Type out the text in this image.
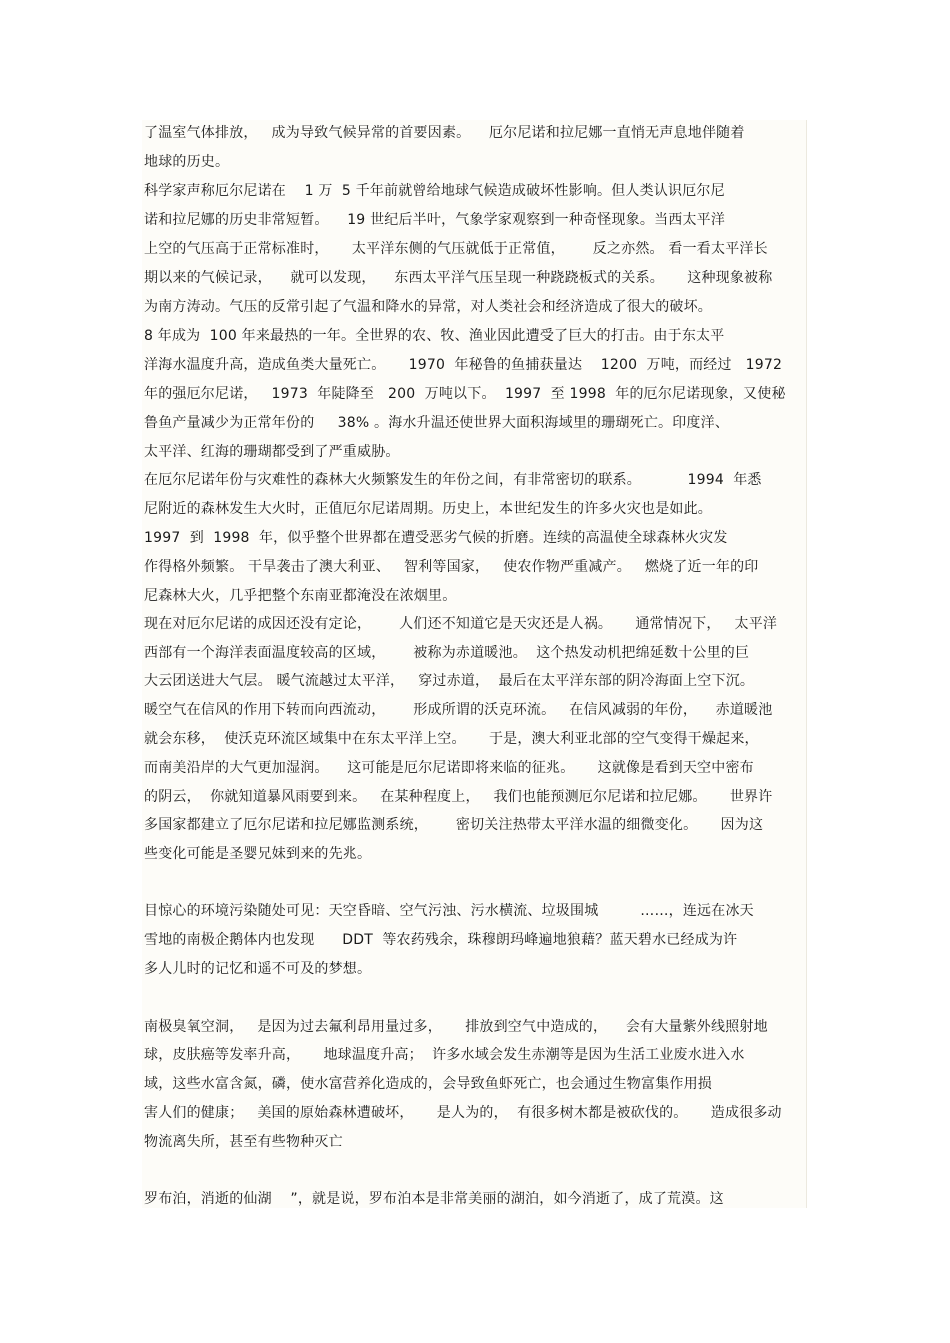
了温室气体排放，   成为导致气候异常的首要因素。    厄尔尼诺和拉尼娜一直悄无声息地伴随着
地球的历史。
科学家声称厄尔尼诺在    1 万  5 千年前就曾给地球气候造成破坏性影响。但人类认识厄尔尼
诺和拉尼娜的历史非常短暂。    19 世纪后半叶，气象学家观察到一种奇怪现象。当西太平洋
上空的气压高于正常标准时，     太平洋东侧的气压就低于正常值，      反之亦然。 看一看太平洋长
期以来的气候记录，    就可以发现，    东西太平洋气压呈现一种跷跷板式的关系。     这种现象被称
为南方涛动。气压的反常引起了气温和降水的异常，对人类社会和经济造成了很大的破坏。
8 年成为  100 年来最热的一年。全世界的农、牧、渔业因此遭受了巨大的打击。由于东太平
洋海水温度升高，造成鱼类大量死亡。     1970  年秘鲁的鱼捕获量达    1200  万吨，而经过   1972
年的强厄尔尼诺，   1973  年陡降至   200  万吨以下。  1997  至 1998  年的厄尔尼诺现象，又使秘
鲁鱼产量减少为正常年份的     38% 。海水升温还使世界大面积海域里的珊瑚死亡。印度洋、
太平洋、红海的珊瑚都受到了严重威胁。
在厄尔尼诺年份与灾难性的森林大火频繁发生的年份之间，有非常密切的联系。          1994  年悉
尼附近的森林发生大火时，正值厄尔尼诺周期。历史上，本世纪发生的许多火灾也是如此。
1997  到  1998  年，似乎整个世界都在遭受恶劣气候的折磨。连续的高温使全球森林火灾发
作得格外频繁。 干旱袭击了澳大利亚、   智利等国家，   使农作物严重减产。   燃烧了近一年的印
尼森林大火，几乎把整个东南亚都淹没在浓烟里。
现在对厄尔尼诺的成因还没有定论，      人们还不知道它是天灾还是人祸。     通常情况下，   太平洋
西部有一个海洋表面温度较高的区域，      被称为赤道暖池。  这个热发动机把绵延数十公里的巨
大云团送进大气层。 暖气流越过太平洋，   穿过赤道，  最后在太平洋东部的阴冷海面上空下沉。
暖空气在信风的作用下转而向西流动，      形成所谓的沃克环流。   在信风减弱的年份，    赤道暖池
就会东移，  使沃克环流区域集中在东太平洋上空。     于是，澳大利亚北部的空气变得干燥起来，
而南美沿岸的大气更加湿润。    这可能是厄尔尼诺即将来临的征兆。     这就像是看到天空中密布
的阴云，  你就知道暴风雨要到来。   在某种程度上，   我们也能预测厄尔尼诺和拉尼娜。     世界许
多国家都建立了厄尔尼诺和拉尼娜监测系统，      密切关注热带太平洋水温的细微变化。     因为这
些变化可能是圣婴兄妹到来的先兆。
目惊心的环境污染随处可见：天空昏暗、空气污浊、污水横流、垃圾围城         ……，连远在冰天
雪地的南极企鹅体内也发现      DDT  等农药残余，珠穆朗玛峰遍地狼藉？蓝天碧水已经成为许
多人儿时的记忆和遥不可及的梦想。
南极臭氧空洞，   是因为过去氟利昂用量过多，     排放到空气中造成的，    会有大量紫外线照射地
球，皮肤癌等发率升高，     地球温度升高；  许多水域会发生赤潮等是因为生活工业废水进入水
域，这些水富含氮，磷，使水富营养化造成的，会导致鱼虾死亡，也会通过生物富集作用损
害人们的健康；   美国的原始森林遭破坏，     是人为的，  有很多树木都是被砍伐的。     造成很多动
物流离失所，甚至有些物种灭亡
罗布泊，消逝的仙湖    ”，就是说，罗布泊本是非常美丽的湖泊，如今消逝了，成了荒漠。这
